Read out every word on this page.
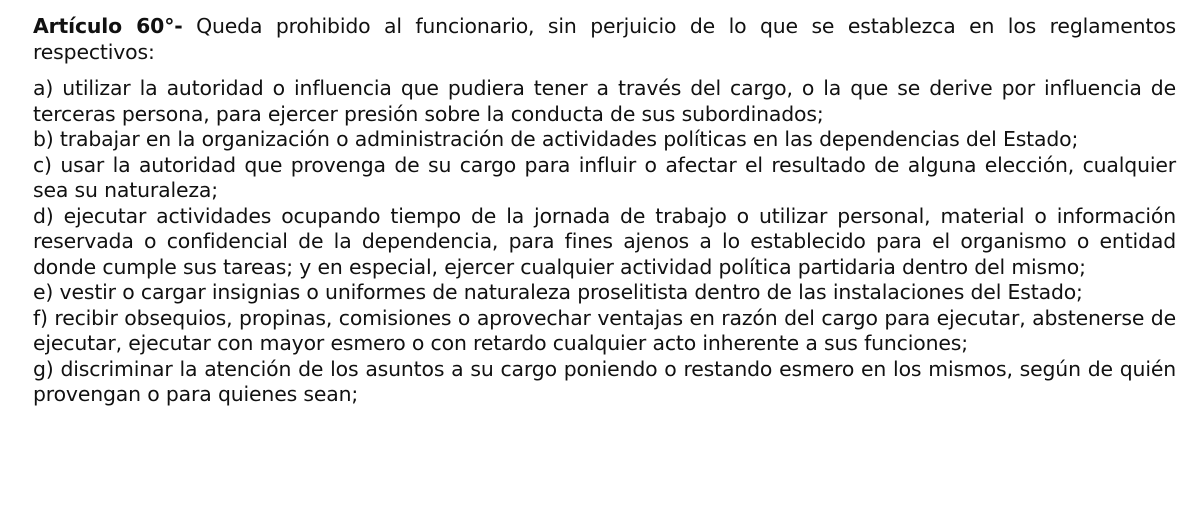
Artículo 60°- Queda prohibido al funcionario, sin perjuicio de lo que se establezca en los reglamentos respectivos:

a) utilizar la autoridad o influencia que pudiera tener a través del cargo, o la que se derive por influencia de terceras persona, para ejercer presión sobre la conducta de sus subordinados;

b) trabajar en la organización o administración de actividades políticas en las dependencias del Estado;

c) usar la autoridad que provenga de su cargo para influir o afectar el resultado de alguna elección, cualquier sea su naturaleza;

d) ejecutar actividades ocupando tiempo de la jornada de trabajo o utilizar personal, material o información reservada o confidencial de la dependencia, para fines ajenos a lo establecido para el organismo o entidad donde cumple sus tareas; y en especial, ejercer cualquier actividad política partidaria dentro del mismo;

e) vestir o cargar insignias o uniformes de naturaleza proselitista dentro de las instalaciones del Estado;

f) recibir obsequios, propinas, comisiones o aprovechar ventajas en razón del cargo para ejecutar, abstenerse de ejecutar, ejecutar con mayor esmero o con retardo cualquier acto inherente a sus funciones;

g) discriminar la atención de los asuntos a su cargo poniendo o restando esmero en los mismos, según de quién provengan o para quienes sean;
